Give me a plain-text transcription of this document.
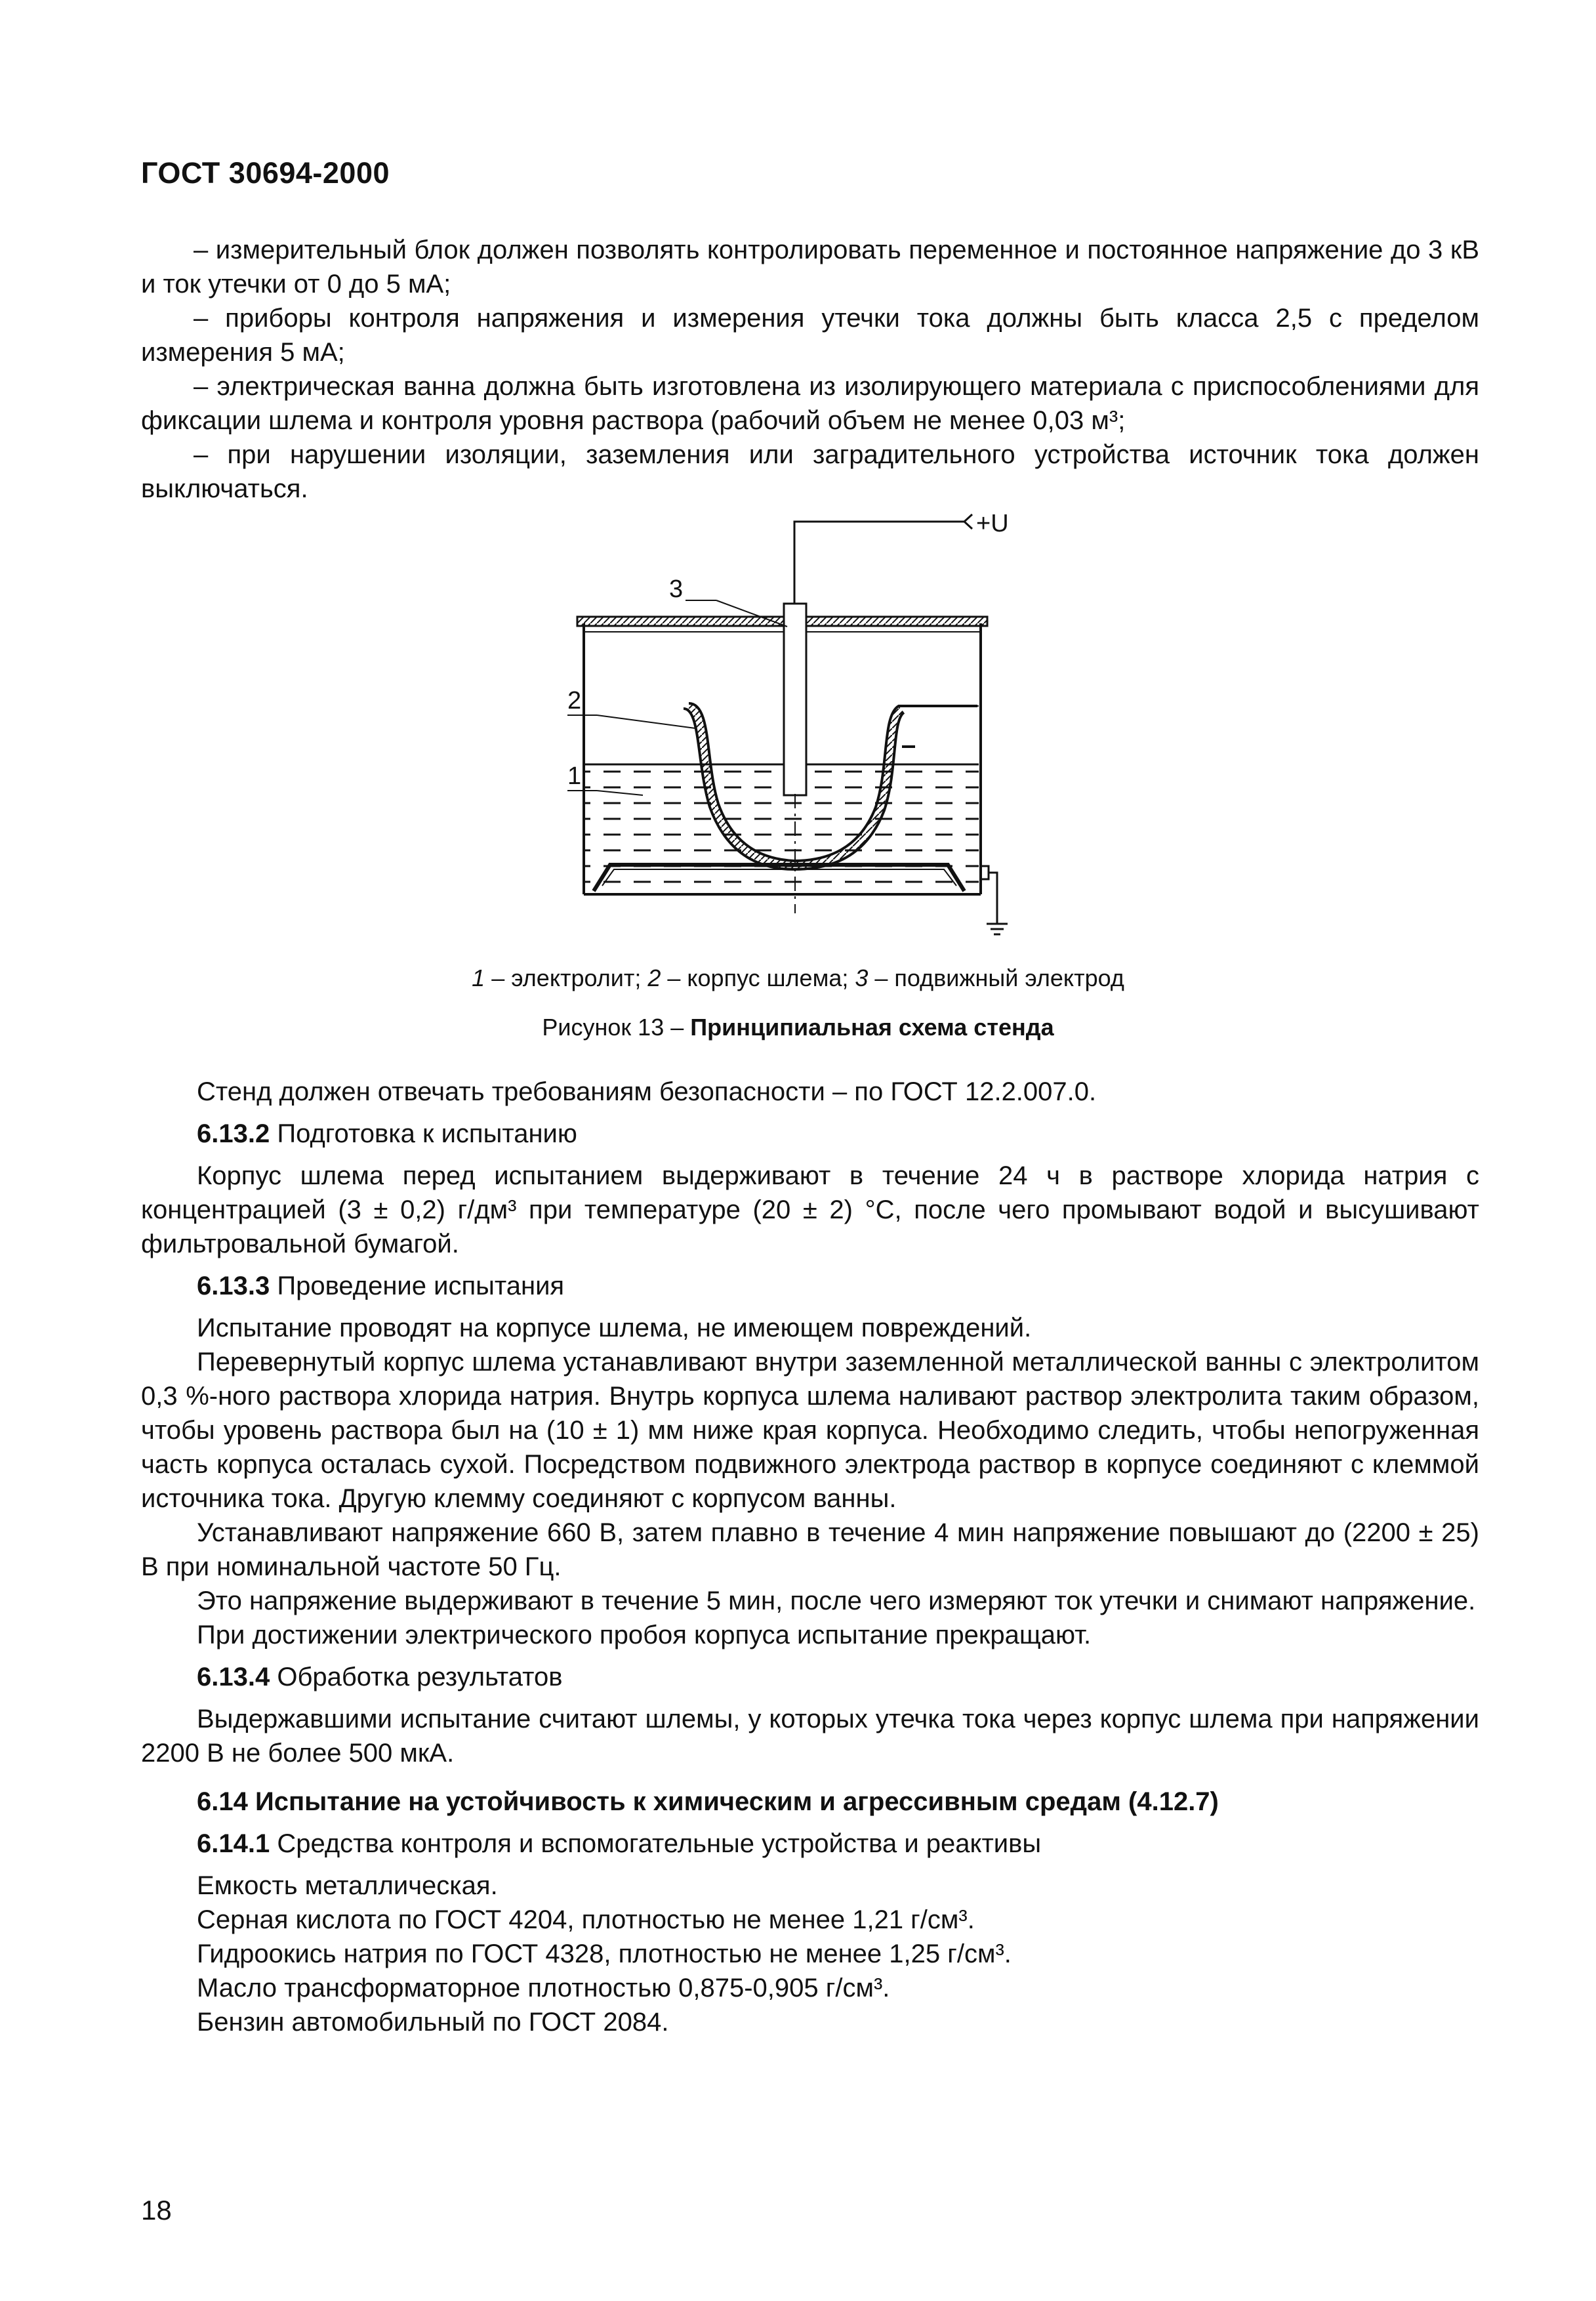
ГОСТ 30694-2000

– измерительный блок должен позволять контролировать переменное и постоянное напряжение до 3 кВ и ток утечки от 0 до 5 мА;

– приборы контроля напряжения и измерения утечки тока должны быть класса 2,5 с пределом измерения 5 мА;

– электрическая ванна должна быть изготовлена из изолирующего материала с приспособлениями для фиксации шлема и контроля уровня раствора (рабочий объем не менее 0,03 м³;

– при нарушении изоляции, заземления или заградительного устройства источник тока должен выключаться.

+U
3
2
1
1 – электролит; 2 – корпус шлема; 3 – подвижный электрод
Рисунок 13 – Принципиальная схема стенда

Стенд должен отвечать требованиям безопасности – по ГОСТ 12.2.007.0.

6.13.2 Подготовка к испытанию

Корпус шлема перед испытанием выдерживают в течение 24 ч в растворе хлорида натрия с концентрацией (3 ± 0,2) г/дм³ при температуре (20 ± 2) °С, после чего промывают водой и высушивают фильтровальной бумагой.

6.13.3 Проведение испытания

Испытание проводят на корпусе шлема, не имеющем повреждений.

Перевернутый корпус шлема устанавливают внутри заземленной металлической ванны с электролитом 0,3 %-ного раствора хлорида натрия. Внутрь корпуса шлема наливают раствор электролита таким образом, чтобы уровень раствора был на (10 ± 1) мм ниже края корпуса. Необходимо следить, чтобы непогруженная часть корпуса осталась сухой. Посредством подвижного электрода раствор в корпусе соединяют с клеммой источника тока. Другую клемму соединяют с корпусом ванны.

Устанавливают напряжение 660 В, затем плавно в течение 4 мин напряжение повышают до (2200 ± 25) В при номинальной частоте 50 Гц.

Это напряжение выдерживают в течение 5 мин, после чего измеряют ток утечки и снимают напряжение.

При достижении электрического пробоя корпуса испытание прекращают.

6.13.4 Обработка результатов

Выдержавшими испытание считают шлемы, у которых утечка тока через корпус шлема при напряжении 2200 В не более 500 мкА.

6.14 Испытание на устойчивость к химическим и агрессивным средам (4.12.7)

6.14.1 Средства контроля и вспомогательные устройства и реактивы

Емкость металлическая.

Серная кислота по ГОСТ 4204, плотностью не менее 1,21 г/см³.

Гидроокись натрия по ГОСТ 4328, плотностью не менее 1,25 г/см³.

Масло трансформаторное плотностью 0,875-0,905 г/см³.

Бензин автомобильный по ГОСТ 2084.

18
